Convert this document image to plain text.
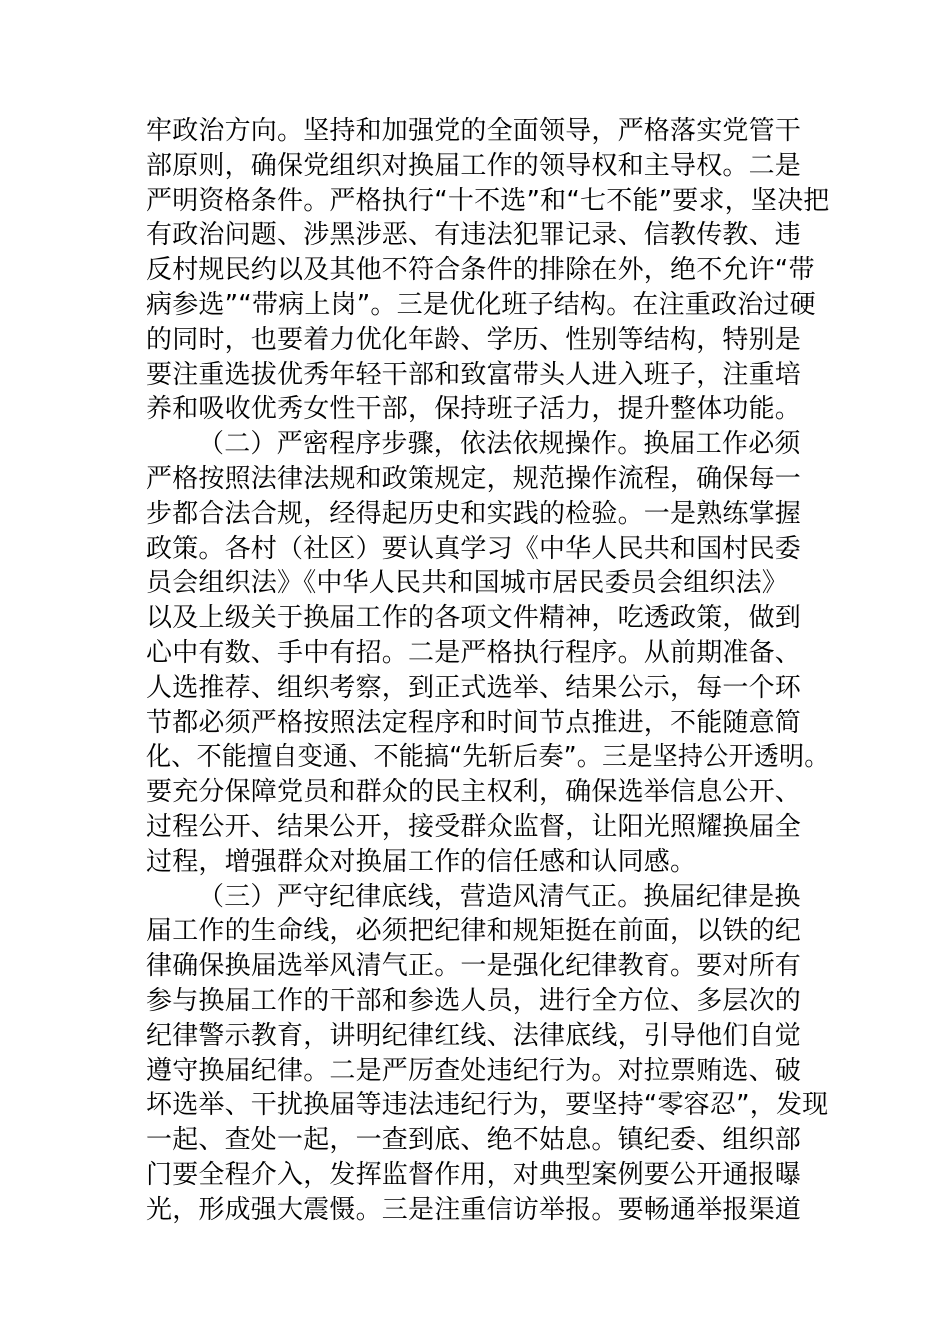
牢政治方向。坚持和加强党的全面领导，严格落实党管干
部原则，确保党组织对换届工作的领导权和主导权。二是
严明资格条件。严格执行“十不选”和“七不能”要求，坚决把
有政治问题、涉黑涉恶、有违法犯罪记录、信教传教、违
反村规民约以及其他不符合条件的排除在外，绝不允许“带
病参选”“带病上岗”。三是优化班子结构。在注重政治过硬
的同时，也要着力优化年龄、学历、性别等结构，特别是
要注重选拔优秀年轻干部和致富带头人进入班子，注重培
养和吸收优秀女性干部，保持班子活力，提升整体功能。
（二）严密程序步骤，依法依规操作。换届工作必须
严格按照法律法规和政策规定，规范操作流程，确保每一
步都合法合规，经得起历史和实践的检验。一是熟练掌握
政策。各村（社区）要认真学习《中华人民共和国村民委
员会组织法》《中华人民共和国城市居民委员会组织法》
以及上级关于换届工作的各项文件精神，吃透政策，做到
心中有数、手中有招。二是严格执行程序。从前期准备、
人选推荐、组织考察，到正式选举、结果公示，每一个环
节都必须严格按照法定程序和时间节点推进，不能随意简
化、不能擅自变通、不能搞“先斩后奏”。三是坚持公开透明。
要充分保障党员和群众的民主权利，确保选举信息公开、
过程公开、结果公开，接受群众监督，让阳光照耀换届全
过程，增强群众对换届工作的信任感和认同感。
（三）严守纪律底线，营造风清气正。换届纪律是换
届工作的生命线，必须把纪律和规矩挺在前面，以铁的纪
律确保换届选举风清气正。一是强化纪律教育。要对所有
参与换届工作的干部和参选人员，进行全方位、多层次的
纪律警示教育，讲明纪律红线、法律底线，引导他们自觉
遵守换届纪律。二是严厉查处违纪行为。对拉票贿选、破
坏选举、干扰换届等违法违纪行为，要坚持“零容忍”，发现
一起、查处一起，一查到底、绝不姑息。镇纪委、组织部
门要全程介入，发挥监督作用，对典型案例要公开通报曝
光，形成强大震慑。三是注重信访举报。要畅通举报渠道
